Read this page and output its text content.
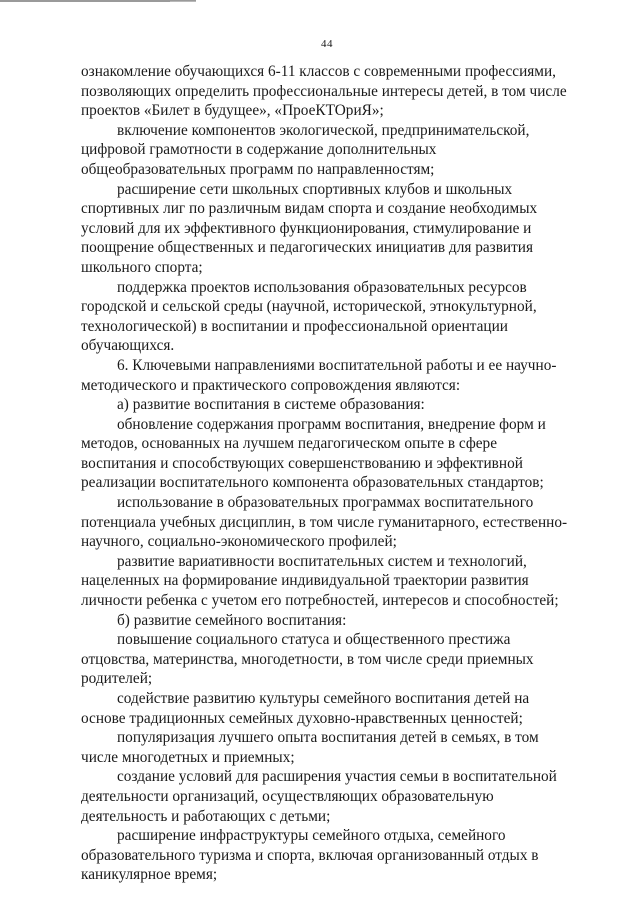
44

ознакомление обучающихся 6-11 классов с современными профессиями,
позволяющих определить профессиональные интересы детей, в том числе
проектов «Билет в будущее», «ПроеКТОриЯ»;

включение компонентов экологической, предпринимательской,
цифровой грамотности в содержание дополнительных
общеобразовательных программ по направленностям;

расширение сети школьных спортивных клубов и школьных
спортивных лиг по различным видам спорта и создание необходимых
условий для их эффективного функционирования, стимулирование и
поощрение общественных и педагогических инициатив для развития
школьного спорта;

поддержка проектов использования образовательных ресурсов
городской и сельской среды (научной, исторической, этнокультурной,
технологической) в воспитании и профессиональной ориентации
обучающихся.

6. Ключевыми направлениями воспитательной работы и ее научно-
методического и практического сопровождения являются:

а) развитие воспитания в системе образования:

обновление содержания программ воспитания, внедрение форм и
методов, основанных на лучшем педагогическом опыте в сфере
воспитания и способствующих совершенствованию и эффективной
реализации воспитательного компонента образовательных стандартов;

использование в образовательных программах воспитательного
потенциала учебных дисциплин, в том числе гуманитарного, естественно-
научного, социально-экономического профилей;

развитие вариативности воспитательных систем и технологий,
нацеленных на формирование индивидуальной траектории развития
личности ребенка с учетом его потребностей, интересов и способностей;

б) развитие семейного воспитания:

повышение социального статуса и общественного престижа
отцовства, материнства, многодетности, в том числе среди приемных
родителей;

содействие развитию культуры семейного воспитания детей на
основе традиционных семейных духовно-нравственных ценностей;

популяризация лучшего опыта воспитания детей в семьях, в том
числе многодетных и приемных;

создание условий для расширения участия семьи в воспитательной
деятельности организаций, осуществляющих образовательную
деятельность и работающих с детьми;

расширение инфраструктуры семейного отдыха, семейного
образовательного туризма и спорта, включая организованный отдых в
каникулярное время;
